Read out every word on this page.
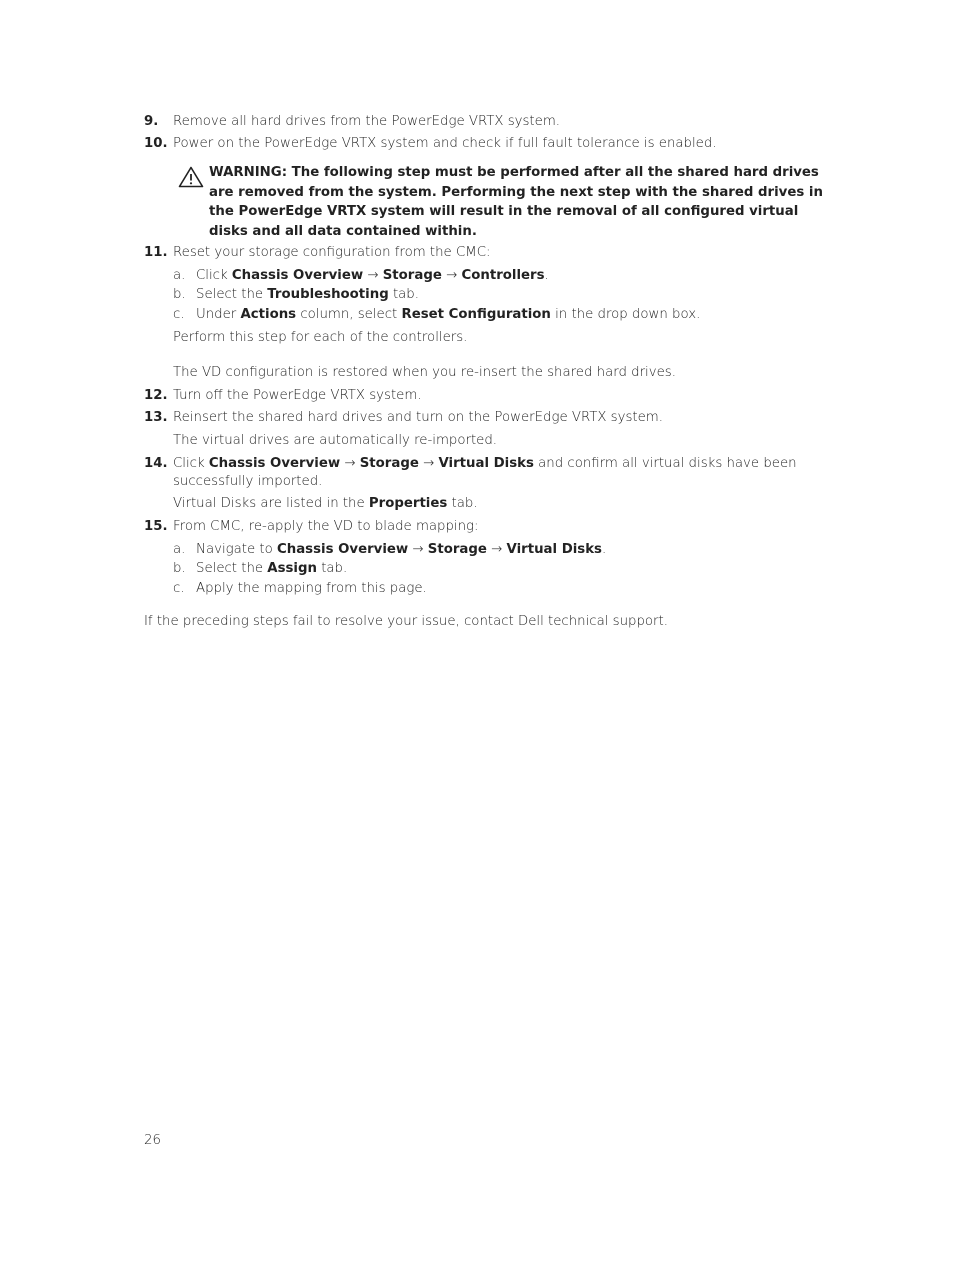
9. Remove all hard drives from the PowerEdge VRTX system.
10. Power on the PowerEdge VRTX system and check if full fault tolerance is enabled.
WARNING: The following step must be performed after all the shared hard drives are removed from the system. Performing the next step with the shared drives in the PowerEdge VRTX system will result in the removal of all configured virtual disks and all data contained within.
11. Reset your storage configuration from the CMC:
a. Click Chassis Overview → Storage → Controllers.
b. Select the Troubleshooting tab.
c. Under Actions column, select Reset Configuration in the drop down box.
Perform this step for each of the controllers.
The VD configuration is restored when you re-insert the shared hard drives.
12. Turn off the PowerEdge VRTX system.
13. Reinsert the shared hard drives and turn on the PowerEdge VRTX system.
The virtual drives are automatically re-imported.
14. Click Chassis Overview → Storage → Virtual Disks and confirm all virtual disks have been
successfully imported.
Virtual Disks are listed in the Properties tab.
15. From CMC, re-apply the VD to blade mapping:
a. Navigate to Chassis Overview → Storage → Virtual Disks.
b. Select the Assign tab.
c. Apply the mapping from this page.
If the preceding steps fail to resolve your issue, contact Dell technical support.
26
